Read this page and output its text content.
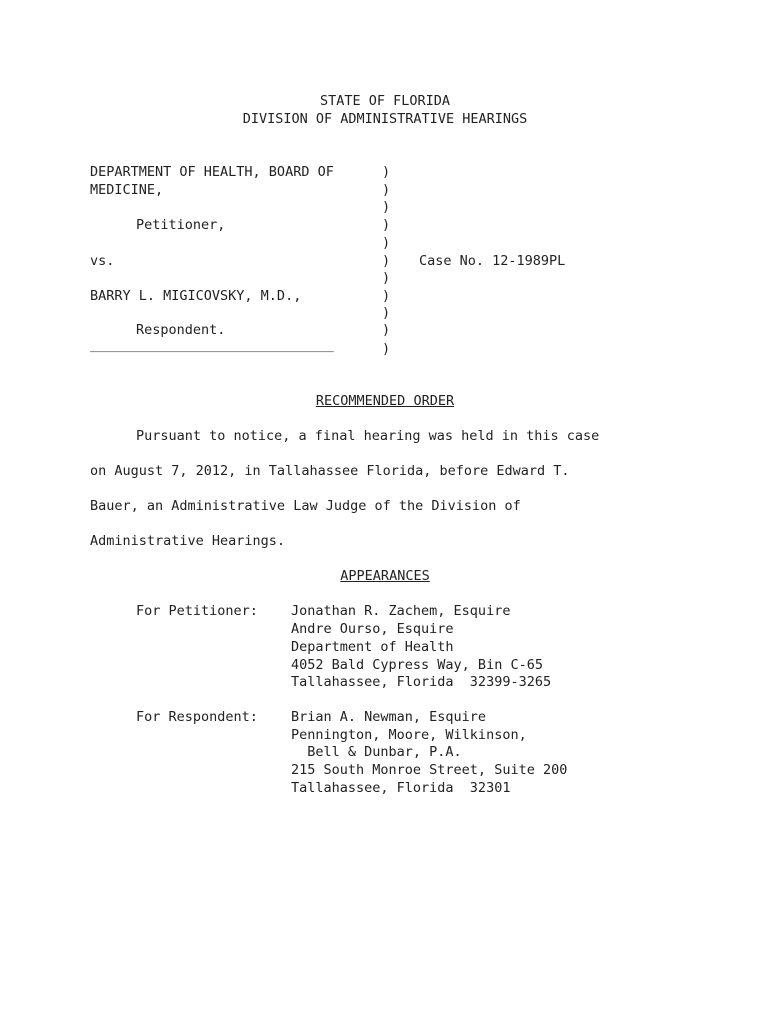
STATE OF FLORIDA
DIVISION OF ADMINISTRATIVE HEARINGS
DEPARTMENT OF HEALTH, BOARD OF
MEDICINE,
Petitioner,
vs.	Case No. 12-1989PL
BARRY L. MIGICOVSKY, M.D.,
Respondent.
______________________________
)
)
)
)
)
)
)
)
)
)
)
RECOMMENDED ORDER
Pursuant to notice, a final hearing was held in this case
on August 7, 2012, in Tallahassee Florida, before Edward T.
Bauer, an Administrative Law Judge of the Division of
Administrative Hearings.
APPEARANCES
For Petitioner: Jonathan R. Zachem, Esquire
Andre Ourso, Esquire
Department of Health
4052 Bald Cypress Way, Bin C-65
Tallahassee, Florida  32399-3265
For Respondent: Brian A. Newman, Esquire
Pennington, Moore, Wilkinson,
Bell & Dunbar, P.A.
215 South Monroe Street, Suite 200
Tallahassee, Florida  32301
